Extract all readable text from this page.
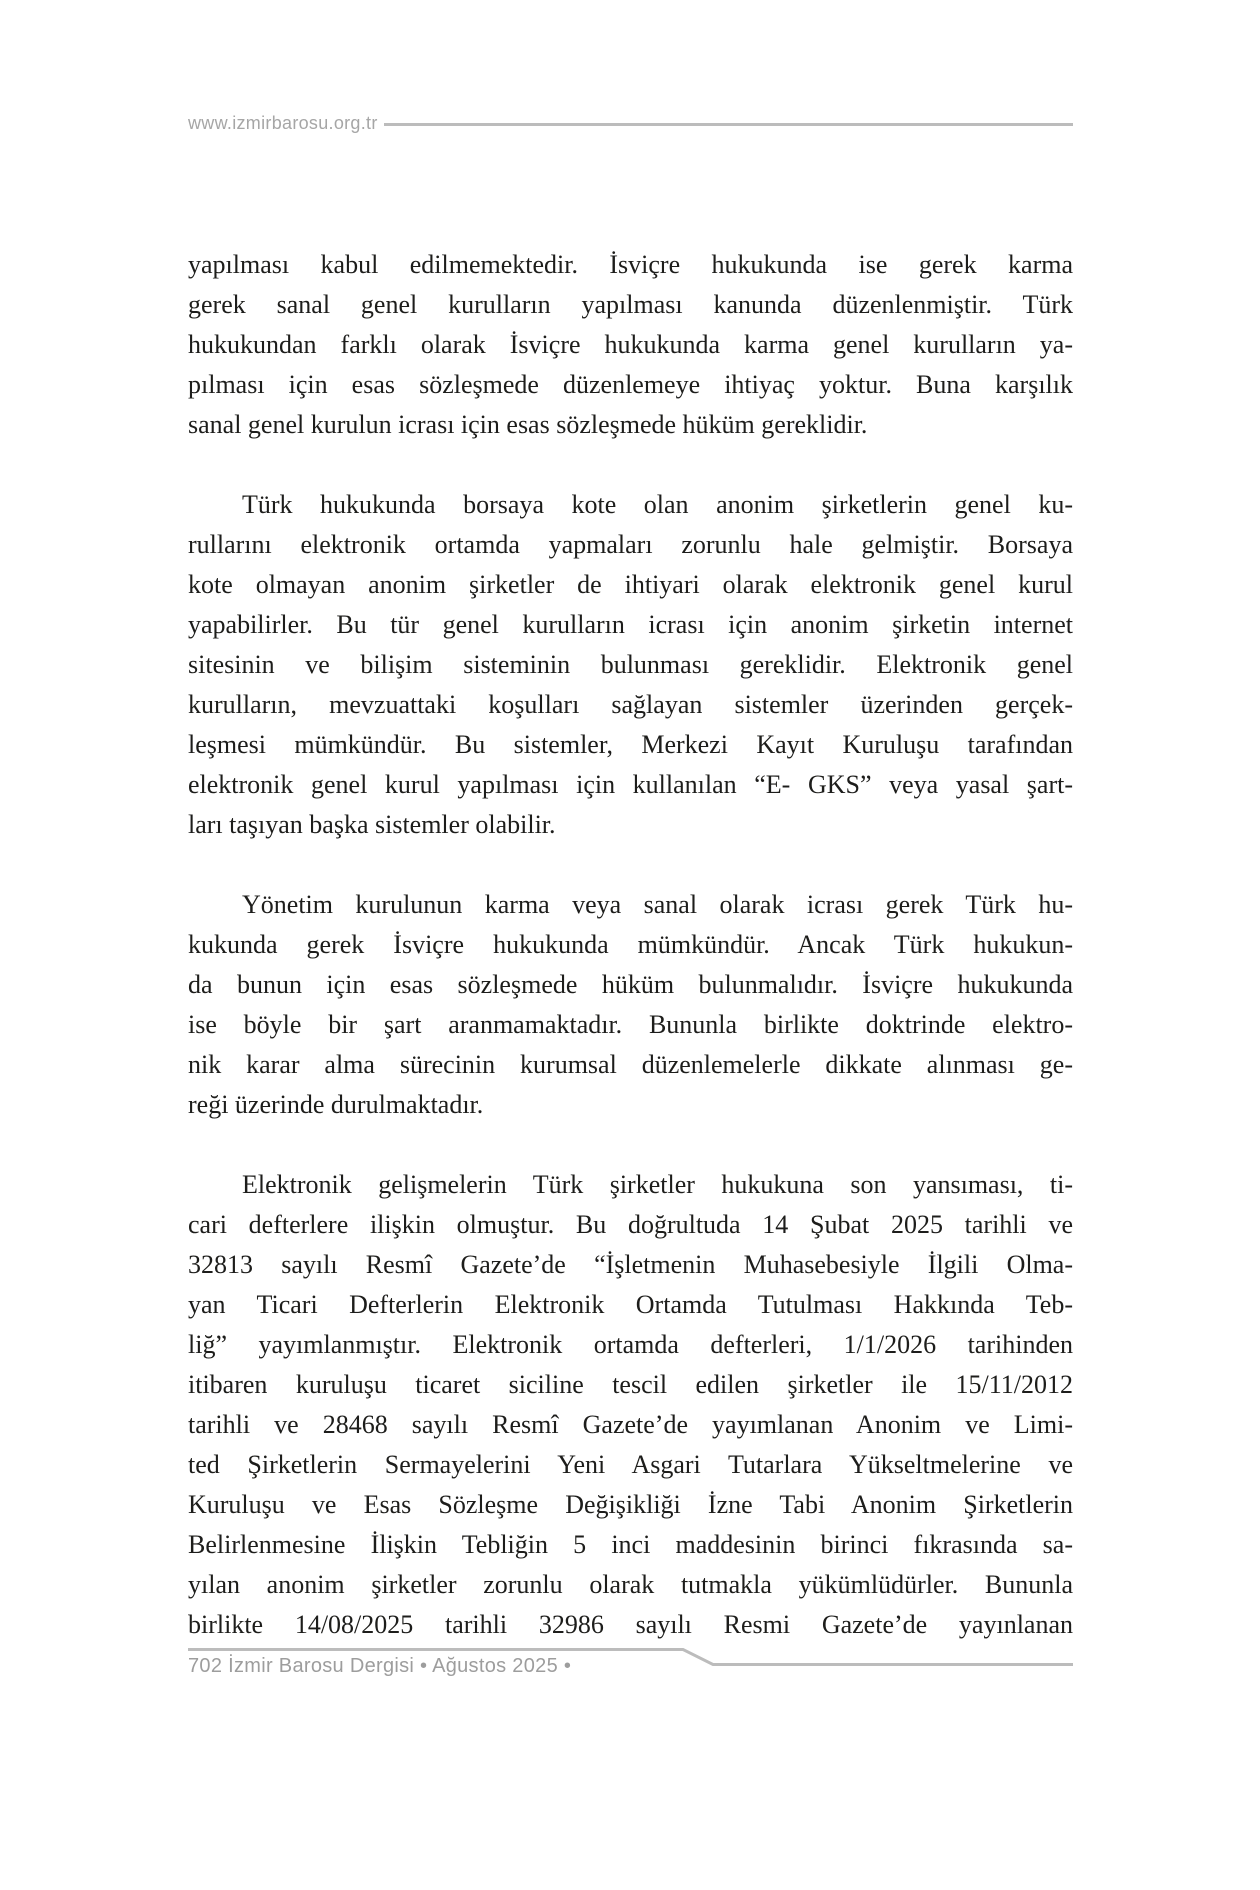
www.izmirbarosu.org.tr
yapılması kabul edilmemektedir. İsviçre hukukunda ise gerek karma
gerek sanal genel kurulların yapılması kanunda düzenlenmiştir. Türk
hukukundan farklı olarak İsviçre hukukunda karma genel kurulların ya-
pılması için esas sözleşmede düzenlemeye ihtiyaç yoktur. Buna karşılık
sanal genel kurulun icrası için esas sözleşmede hüküm gereklidir.
Türk hukukunda borsaya kote olan anonim şirketlerin genel ku-
rullarını elektronik ortamda yapmaları zorunlu hale gelmiştir. Borsaya
kote olmayan anonim şirketler de ihtiyari olarak elektronik genel kurul
yapabilirler. Bu tür genel kurulların icrası için anonim şirketin internet
sitesinin ve bilişim sisteminin bulunması gereklidir. Elektronik genel
kurulların, mevzuattaki koşulları sağlayan sistemler üzerinden gerçek-
leşmesi mümkündür. Bu sistemler, Merkezi Kayıt Kuruluşu tarafından
elektronik genel kurul yapılması için kullanılan “E- GKS” veya yasal şart-
ları taşıyan başka sistemler olabilir.
Yönetim kurulunun karma veya sanal olarak icrası gerek Türk hu-
kukunda gerek İsviçre hukukunda mümkündür. Ancak Türk hukukun-
da bunun için esas sözleşmede hüküm bulunmalıdır. İsviçre hukukunda
ise böyle bir şart aranmamaktadır. Bununla birlikte doktrinde elektro-
nik karar alma sürecinin kurumsal düzenlemelerle dikkate alınması ge-
reği üzerinde durulmaktadır.
Elektronik gelişmelerin Türk şirketler hukukuna son yansıması, ti-
cari defterlere ilişkin olmuştur. Bu doğrultuda 14 Şubat 2025 tarihli ve
32813 sayılı Resmî Gazete’de “İşletmenin Muhasebesiyle İlgili Olma-
yan Ticari Defterlerin Elektronik Ortamda Tutulması Hakkında Teb-
liğ” yayımlanmıştır. Elektronik ortamda defterleri, 1/1/2026 tarihinden
itibaren kuruluşu ticaret siciline tescil edilen şirketler ile 15/11/2012
tarihli ve 28468 sayılı Resmî Gazete’de yayımlanan Anonim ve Limi-
ted Şirketlerin Sermayelerini Yeni Asgari Tutarlara Yükseltmelerine ve
Kuruluşu ve Esas Sözleşme Değişikliği İzne Tabi Anonim Şirketlerin
Belirlenmesine İlişkin Tebliğin 5 inci maddesinin birinci fıkrasında sa-
yılan anonim şirketler zorunlu olarak tutmakla yükümlüdürler. Bununla
birlikte 14/08/2025 tarihli 32986 sayılı Resmi Gazete’de yayınlanan
702 İzmir Barosu Dergisi • Ağustos 2025 •
